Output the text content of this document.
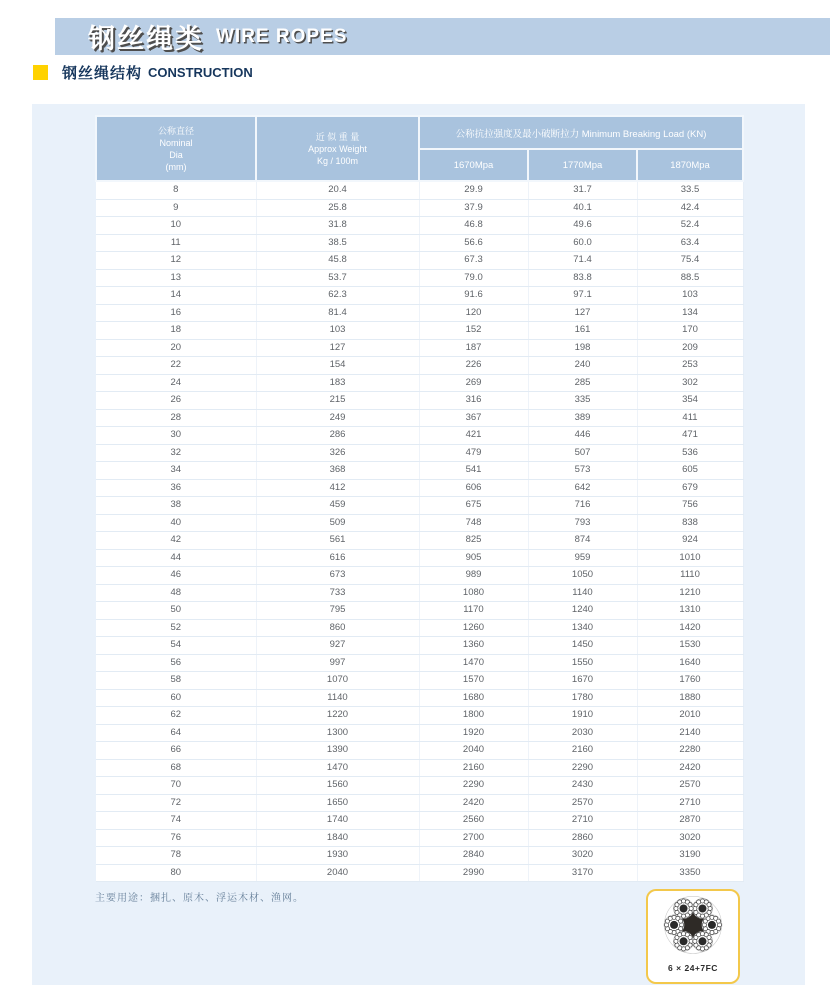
钢丝绳类 WIRE ROPES
钢丝绳结构 CONSTRUCTION
公称直径
Nominal
Dia
(mm)	近 似 重 量
Approx Weight
Kg / 100m	公称抗拉强度及最小破断拉力 Minimum Breaking Load (KN)		
		1670Mpa	1770Mpa	1870Mpa
8	20.4	29.9	31.7	33.5
9	25.8	37.9	40.1	42.4
10	31.8	46.8	49.6	52.4
11	38.5	56.6	60.0	63.4
12	45.8	67.3	71.4	75.4
13	53.7	79.0	83.8	88.5
14	62.3	91.6	97.1	103
16	81.4	120	127	134
18	103	152	161	170
20	127	187	198	209
22	154	226	240	253
24	183	269	285	302
26	215	316	335	354
28	249	367	389	411
30	286	421	446	471
32	326	479	507	536
34	368	541	573	605
36	412	606	642	679
38	459	675	716	756
40	509	748	793	838
42	561	825	874	924
44	616	905	959	1010
46	673	989	1050	1110
48	733	1080	1140	1210
50	795	1170	1240	1310
52	860	1260	1340	1420
54	927	1360	1450	1530
56	997	1470	1550	1640
58	1070	1570	1670	1760
60	1140	1680	1780	1880
62	1220	1800	1910	2010
64	1300	1920	2030	2140
66	1390	2040	2160	2280
68	1470	2160	2290	2420
70	1560	2290	2430	2570
72	1650	2420	2570	2710
74	1740	2560	2710	2870
76	1840	2700	2860	3020
78	1930	2840	3020	3190
80	2040	2990	3170	3350
主要用途：捆扎、原木、浮运木材、渔网。
6 × 24+7FC
